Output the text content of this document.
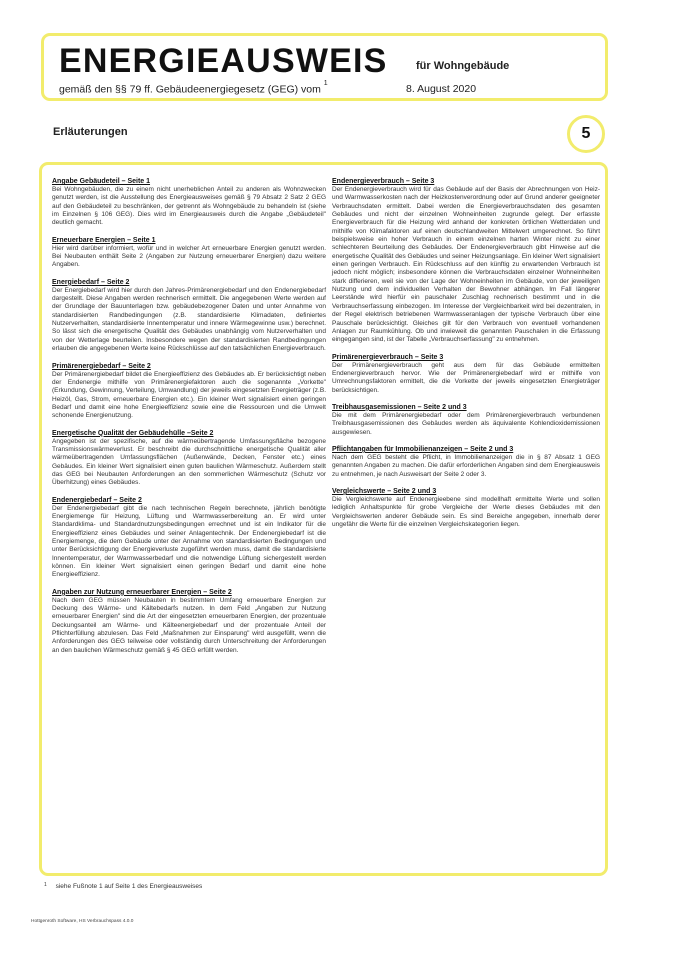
ENERGIEAUSWEIS	für Wohngebäude
gemäß den §§ 79 ff. Gebäudeenergiegesetz (GEG) vom $^1$	8. August 2020
Erläuterungen	5
Angabe Gebäudeteil – Seite 1
Bei Wohngebäuden, die zu einem nicht unerheblichen Anteil zu anderen als Wohnzwecken genutzt werden, ist die Ausstellung des Energieausweises gemäß § 79 Absatz 2 Satz 2 GEG auf den Gebäudeteil zu beschränken, der getrennt als Wohngebäude zu behandeln ist (siehe im Einzelnen § 106 GEG). Dies wird im Energieausweis durch die Angabe „Gebäudeteil" deutlich gemacht.
Erneuerbare Energien – Seite 1
Hier wird darüber informiert, wofür und in welcher Art erneuerbare Energien genutzt werden. Bei Neubauten enthält Seite 2 (Angaben zur Nutzung erneuerbarer Energien) dazu weitere Angaben.
Energiebedarf – Seite 2
Der Energiebedarf wird hier durch den Jahres-Primärenergiebedarf und den Endenergiebedarf dargestellt. Diese Angaben werden rechnerisch ermittelt. Die angegebenen Werte werden auf der Grundlage der Bauunterlagen bzw. gebäudebezogener Daten und unter Annahme von standardisierten Randbedingungen (z.B. standardisierte Klimadaten, definiertes Nutzerverhalten, standardisierte Innentemperatur und innere Wärmegewinne usw.) berechnet. So lässt sich die energetische Qualität des Gebäudes unabhängig vom Nutzerverhalten und von der Wetterlage beurteilen. Insbesondere wegen der standardisierten Randbedingungen erlauben die angegebenen Werte keine Rückschlüsse auf den tatsächlichen Energieverbrauch.
Primärenergiebedarf – Seite 2
Der Primärenergiebedarf bildet die Energieeffizienz des Gebäudes ab. Er berücksichtigt neben der Endenergie mithilfe von Primärenergiefaktoren auch die sogenannte „Vorkette" (Erkundung, Gewinnung, Verteilung, Umwandlung) der jeweils eingesetzten Energieträger (z.B. Heizöl, Gas, Strom, erneuerbare Energien etc.). Ein kleiner Wert signalisiert einen geringen Bedarf und damit eine hohe Energieeffizienz sowie eine die Ressourcen und die Umwelt schonende Energienutzung.
Energetische Qualität der Gebäudehülle –Seite 2
Angegeben ist der spezifische, auf die wärmeübertragende Umfassungsfläche bezogene Transmissionswärmeverlust. Er beschreibt die durchschnittliche energetische Qualität aller wärmeübertragenden Umfassungsflächen (Außenwände, Decken, Fenster etc.) eines Gebäudes. Ein kleiner Wert signalisiert einen guten baulichen Wärmeschutz. Außerdem stellt das GEG bei Neubauten Anforderungen an den sommerlichen Wärmeschutz (Schutz vor Überhitzung) eines Gebäudes.
Endenergiebedarf – Seite 2
Der Endenergiebedarf gibt die nach technischen Regeln berechnete, jährlich benötigte Energiemenge für Heizung, Lüftung und Warmwasserbereitung an. Er wird unter Standardklima- und Standardnutzungsbedingungen errechnet und ist ein Indikator für die Energieeffizienz eines Gebäudes und seiner Anlagentechnik. Der Endenergiebedarf ist die Energiemenge, die dem Gebäude unter der Annahme von standardisierten Bedingungen und unter Berücksichtigung der Energieverluste zugeführt werden muss, damit die standardisierte Innentemperatur, der Warmwasserbedarf und die notwendige Lüftung sichergestellt werden können. Ein kleiner Wert signalisiert einen geringen Bedarf und damit eine hohe Energieeffizienz.
Angaben zur Nutzung erneuerbarer Energien – Seite 2
Nach dem GEG müssen Neubauten in bestimmtem Umfang erneuerbare Energien zur Deckung des Wärme- und Kältebedarfs nutzen. In dem Feld „Angaben zur Nutzung erneuerbarer Energien" sind die Art der eingesetzten erneuerbaren Energien, der prozentuale Deckungsanteil am Wärme- und Kälteenergiebedarf und der prozentuale Anteil der Pflichterfüllung abzulesen. Das Feld „Maßnahmen zur Einsparung" wird ausgefüllt, wenn die Anforderungen des GEG teilweise oder vollständig durch Unterschreitung der Anforderungen an den baulichen Wärmeschutz gemäß § 45 GEG erfüllt werden.
Endenergieverbrauch – Seite 3
Der Endenergieverbrauch wird für das Gebäude auf der Basis der Abrechnungen von Heiz- und Warmwasserkosten nach der Heizkostenverordnung oder auf Grund anderer geeigneter Verbrauchsdaten ermittelt. Dabei werden die Energieverbrauchsdaten des gesamten Gebäudes und nicht der einzelnen Wohneinheiten zugrunde gelegt. Der erfasste Energieverbrauch für die Heizung wird anhand der konkreten örtlichen Wetterdaten und mithilfe von Klimafaktoren auf einen deutschlandweiten Mittelwert umgerechnet. So führt beispielsweise ein hoher Verbrauch in einem einzelnen harten Winter nicht zu einer schlechteren Beurteilung des Gebäudes. Der Endenergieverbrauch gibt Hinweise auf die energetische Qualität des Gebäudes und seiner Heizungsanlage. Ein kleiner Wert signalisiert einen geringen Verbrauch. Ein Rückschluss auf den künftig zu erwartenden Verbrauch ist jedoch nicht möglich; insbesondere können die Verbrauchsdaten einzelner Wohneinheiten stark differieren, weil sie von der Lage der Wohneinheiten im Gebäude, von der jeweiligen Nutzung und dem individuellen Verhalten der Bewohner abhängen. Im Fall längerer Leerstände wird hierfür ein pauschaler Zuschlag rechnerisch bestimmt und in die Verbrauchserfassung einbezogen. Im Interesse der Vergleichbarkeit wird bei dezentralen, in der Regel elektrisch betriebenen Warmwasseranlagen der typische Verbrauch über eine Pauschale berücksichtigt. Gleiches gilt für den Verbrauch von eventuell vorhandenen Anlagen zur Raumkühlung. Ob und inwieweit die genannten Pauschalen in die Erfassung eingegangen sind, ist der Tabelle „Verbrauchserfassung" zu entnehmen.
Primärenergieverbrauch – Seite 3
Der Primärenergieverbrauch geht aus dem für das Gebäude ermittelten Endenergieverbrauch hervor. Wie der Primärenergiebedarf wird er mithilfe von Umrechnungsfaktoren ermittelt, die die Vorkette der jeweils eingesetzten Energieträger berücksichtigen.
Treibhausgasemissionen – Seite 2 und 3
Die mit dem Primärenergiebedarf oder dem Primärenergieverbrauch verbundenen Treibhausgasemissionen des Gebäudes werden als äquivalente Kohlendioxidemissionen ausgewiesen.
Pflichtangaben für Immobilienanzeigen – Seite 2 und 3
Nach dem GEG besteht die Pflicht, in Immobilienanzeigen die in § 87 Absatz 1 GEG genannten Angaben zu machen. Die dafür erforderlichen Angaben sind dem Energieausweis zu entnehmen, je nach Ausweisart der Seite 2 oder 3.
Vergleichswerte – Seite 2 und 3
Die Vergleichswerte auf Endenergieebene sind modellhaft ermittelte Werte und sollen lediglich Anhaltspunkte für grobe Vergleiche der Werte dieses Gebäudes mit den Vergleichswerten anderer Gebäude sein. Es sind Bereiche angegeben, innerhalb derer ungefähr die Werte für die einzelnen Vergleichskategorien liegen.
$^1$ siehe Fußnote 1 auf Seite 1 des Energieausweises
Hottgenroth Software, HS Verbrauchspass 4.0.0
